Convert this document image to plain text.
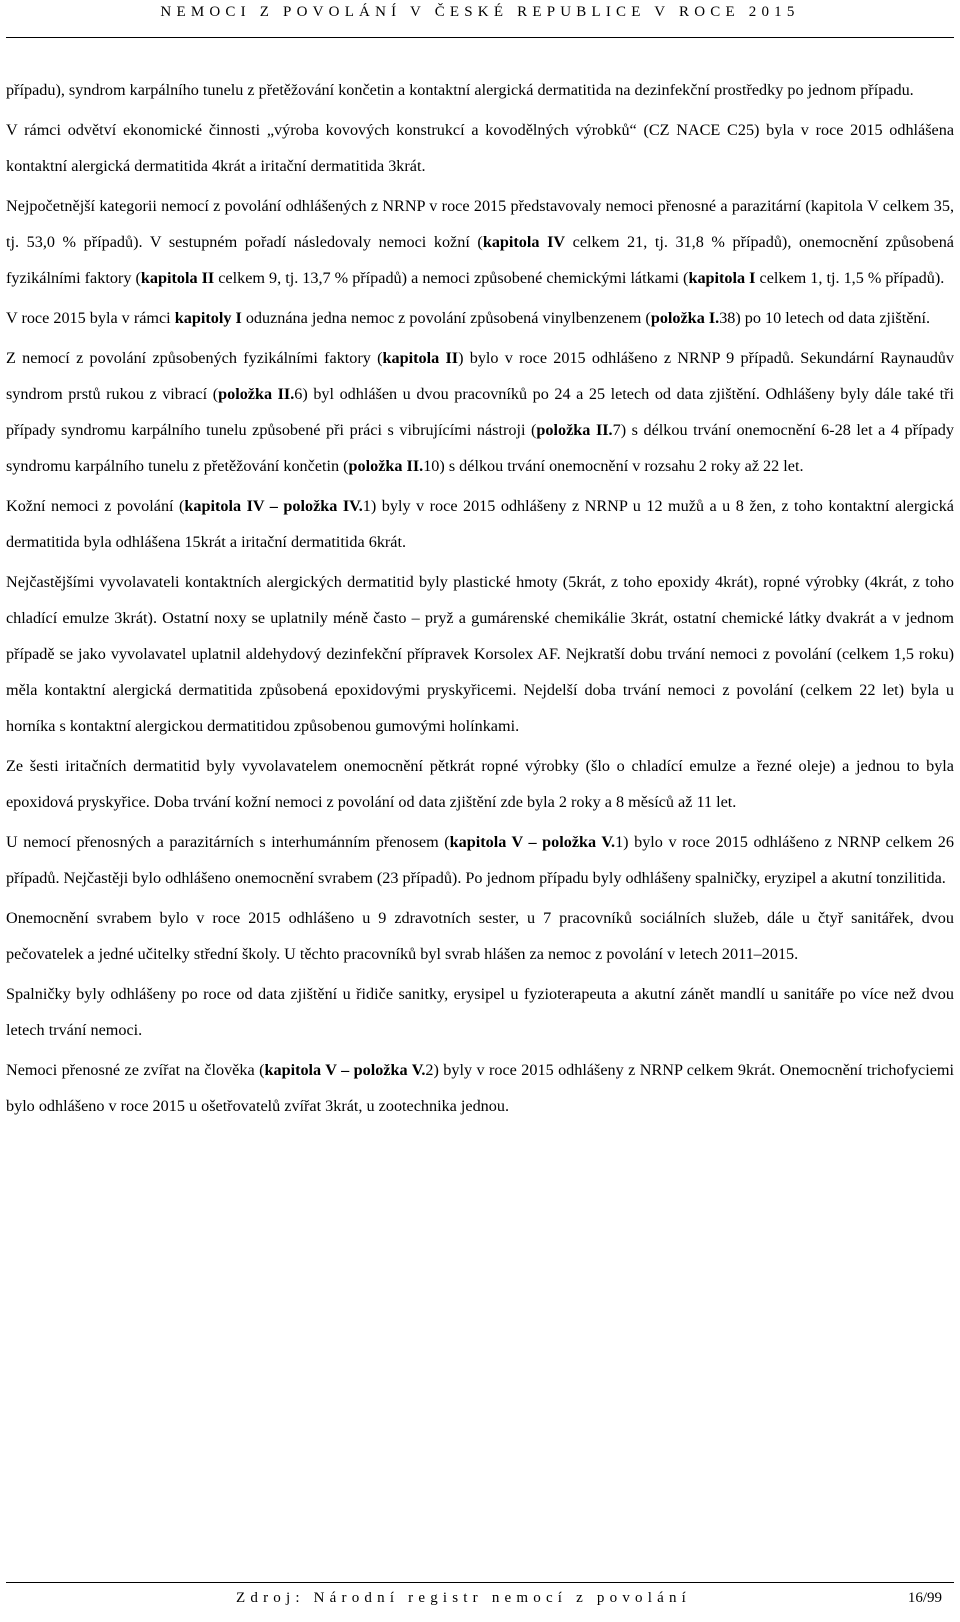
NEMOCI Z POVOLÁNÍ V ČESKÉ REPUBLICE V ROCE 2015

případu), syndrom karpálního tunelu z přetěžování končetin a kontaktní alergická dermatitida na dezinfekční prostředky po jednom případu.

V rámci odvětví ekonomické činnosti „výroba kovových konstrukcí a kovodělných výrobků“ (CZ NACE C25) byla v roce 2015 odhlášena kontaktní alergická dermatitida 4krát a iritační dermatitida 3krát.

Nejpočetnější kategorii nemocí z povolání odhlášených z NRNP v roce 2015 představovaly nemoci přenosné a parazitární (kapitola V celkem 35, tj. 53,0 % případů). V sestupném pořadí následovaly nemoci kožní (kapitola IV celkem 21, tj. 31,8 % případů), onemocnění způsobená fyzikálními faktory (kapitola II celkem 9, tj. 13,7 % případů) a nemoci způsobené chemickými látkami (kapitola I celkem 1, tj. 1,5 % případů).

V roce 2015 byla v rámci kapitoly I oduznána jedna nemoc z povolání způsobená vinylbenzenem (položka I.38) po 10 letech od data zjištění.

Z nemocí z povolání způsobených fyzikálními faktory (kapitola II) bylo v roce 2015 odhlášeno z NRNP 9 případů. Sekundární Raynaudův syndrom prstů rukou z vibrací (položka II.6) byl odhlášen u dvou pracovníků po 24 a 25 letech od data zjištění. Odhlášeny byly dále také tři případy syndromu karpálního tunelu způsobené při práci s vibrujícími nástroji (položka II.7) s délkou trvání onemocnění 6-28 let a 4 případy syndromu karpálního tunelu z přetěžování končetin (položka II.10) s délkou trvání onemocnění v rozsahu 2 roky až 22 let.

Kožní nemoci z povolání (kapitola IV – položka IV.1) byly v roce 2015 odhlášeny z NRNP u 12 mužů a u 8 žen, z toho kontaktní alergická dermatitida byla odhlášena 15krát a iritační dermatitida 6krát.

Nejčastějšími vyvolavateli kontaktních alergických dermatitid byly plastické hmoty (5krát, z toho epoxidy 4krát), ropné výrobky (4krát, z toho chladící emulze 3krát). Ostatní noxy se uplatnily méně často – pryž a gumárenské chemikálie 3krát, ostatní chemické látky dvakrát a v jednom případě se jako vyvolavatel uplatnil aldehydový dezinfekční přípravek Korsolex AF. Nejkratší dobu trvání nemoci z povolání (celkem 1,5 roku) měla kontaktní alergická dermatitida způsobená epoxidovými pryskyřicemi. Nejdelší doba trvání nemoci z povolání (celkem 22 let) byla u horníka s kontaktní alergickou dermatitidou způsobenou gumovými holínkami.

Ze šesti iritačních dermatitid byly vyvolavatelem onemocnění pětkrát ropné výrobky (šlo o chladící emulze a řezné oleje) a jednou to byla epoxidová pryskyřice. Doba trvání kožní nemoci z povolání od data zjištění zde byla 2 roky a 8 měsíců až 11 let.

U nemocí přenosných a parazitárních s interhumánním přenosem (kapitola V – položka V.1) bylo v roce 2015 odhlášeno z NRNP celkem 26 případů. Nejčastěji bylo odhlášeno onemocnění svrabem (23 případů). Po jednom případu byly odhlášeny spalničky, eryzipel a akutní tonzilitida.

Onemocnění svrabem bylo v roce 2015 odhlášeno u 9 zdravotních sester, u 7 pracovníků sociálních služeb, dále u čtyř sanitářek, dvou pečovatelek a jedné učitelky střední školy. U těchto pracovníků byl svrab hlášen za nemoc z povolání v letech 2011–2015.

Spalničky byly odhlášeny po roce od data zjištění u řidiče sanitky, erysipel u fyzioterapeuta a akutní zánět mandlí u sanitáře po více než dvou letech trvání nemoci.

Nemoci přenosné ze zvířat na člověka (kapitola V – položka V.2) byly v roce 2015 odhlášeny z NRNP celkem 9krát. Onemocnění trichofyciemi bylo odhlášeno v roce 2015 u ošetřovatelů zvířat 3krát, u zootechnika jednou.

Zdroj: Národní registr nemocí z povolání	16/99
